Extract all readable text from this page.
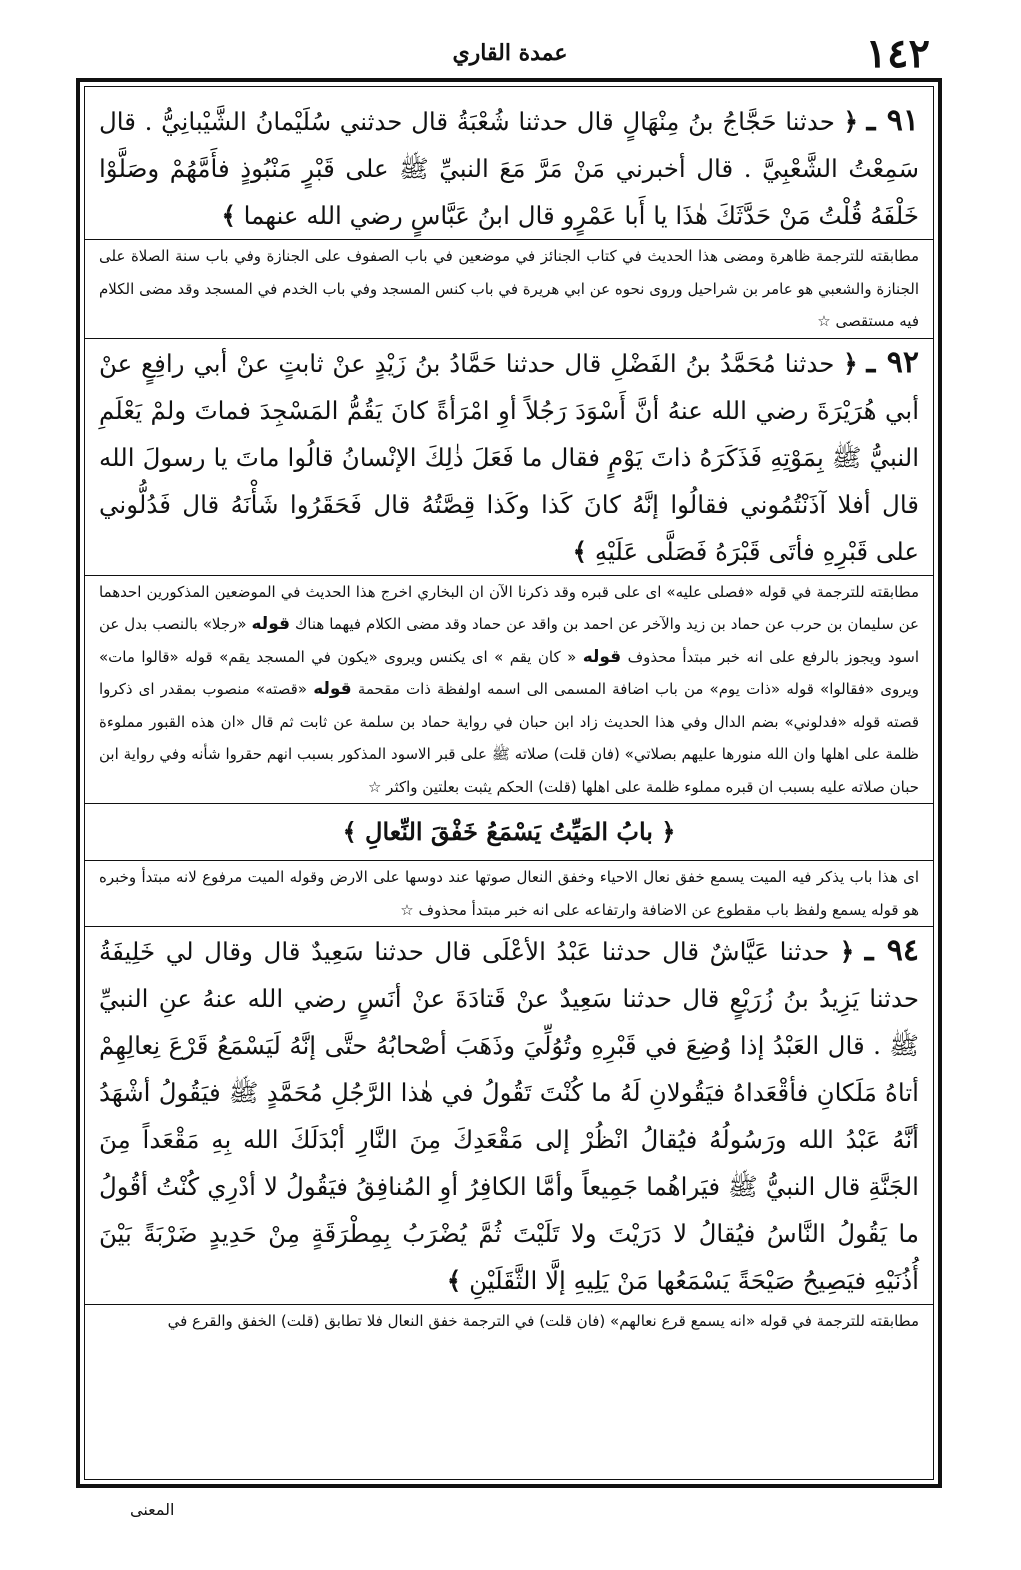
١٤٢
عمدة القاري

٩١ ـ ﴿ حدثنا حَجَّاجُ بنُ مِنْهَالٍ قال حدثنا شُعْبَةُ قال حدثني سُلَيْمانُ الشَّيْبانِيُّ . قال سَمِعْتُ الشَّعْبِيَّ . قال أخبرني مَنْ مَرَّ مَعَ النبيِّ ﷺ على قَبْرٍ مَنْبُوذٍ فأَمَّهُمْ وصَلَّوْا خَلْفَهُ قُلْتُ مَنْ حَدَّثَكَ هٰذَا يا أَبا عَمْرٍو قال ابنُ عَبَّاسٍ رضي الله عنهما ﴾

مطابقته للترجمة ظاهرة ومضى هذا الحديث في كتاب الجنائز في موضعين في باب الصفوف على الجنازة وفي باب سنة الصلاة على الجنازة والشعبي هو عامر بن شراحيل وروى نحوه عن ابي هريرة في باب كنس المسجد وفي باب الخدم في المسجد وقد مضى الكلام فيه مستقصى ☆

٩٢ ـ ﴿ حدثنا مُحَمَّدُ بنُ الفَضْلِ قال حدثنا حَمَّادُ بنُ زَيْدٍ عنْ ثابتٍ عنْ أبي رافِعٍ عنْ أبي هُرَيْرَةَ رضي الله عنهُ أنَّ أَسْوَدَ رَجُلاً أوِ امْرَأةً كانَ يَقُمُّ المَسْجِدَ فماتَ ولمْ يَعْلَمِ النبيُّ ﷺ بِمَوْتِهِ فَذَكَرَهُ ذاتَ يَوْمٍ فقال ما فَعَلَ ذٰلِكَ الإنْسانُ قالُوا ماتَ يا رسولَ الله قال أفلا آذَنْتُمُوني فقالُوا إنَّهُ كانَ كَذا وكَذا قِصَّتُهُ قال فَحَقَرُوا شَأْنَهُ قال فَدُلُّوني على قَبْرِهِ فأتَى قَبْرَهُ فَصَلَّى عَلَيْهِ ﴾

مطابقته للترجمة في قوله «فصلى عليه» اى على قبره وقد ذكرنا الآن ان البخاري اخرج هذا الحديث في الموضعين المذكورين احدهما عن سليمان بن حرب عن حماد بن زيد والآخر عن احمد بن واقد عن حماد وقد مضى الكلام فيهما هناك قوله «رجلا» بالنصب بدل عن اسود ويجوز بالرفع على انه خبر مبتدأ محذوف قوله « كان يقم » اى يكنس ويروى «يكون في المسجد يقم» قوله «قالوا مات» ويروى «فقالوا» قوله «ذات يوم» من باب اضافة المسمى الى اسمه اولفظة ذات مقحمة قوله «قصته» منصوب بمقدر اى ذكروا قصته قوله «فدلوني» بضم الدال وفي هذا الحديث زاد ابن حبان في رواية حماد بن سلمة عن ثابت ثم قال «ان هذه القبور مملوءة ظلمة على اهلها وان الله منورها عليهم بصلاتي» (فان قلت) صلاته ﷺ على قبر الاسود المذكور بسبب انهم حقروا شأنه وفي رواية ابن حبان صلاته عليه بسبب ان قبره مملوء ظلمة على اهلها (قلت) الحكم يثبت بعلتين واكثر ☆

﴿ بابُ المَيِّتُ يَسْمَعُ خَفْقَ النِّعالِ ﴾

اى هذا باب يذكر فيه الميت يسمع خفق نعال الاحياء وخفق النعال صوتها عند دوسها على الارض وقوله الميت مرفوع لانه مبتدأ وخبره هو قوله يسمع ولفظ باب مقطوع عن الاضافة وارتفاعه على انه خبر مبتدأ محذوف ☆

٩٤ ـ ﴿ حدثنا عَيَّاشٌ قال حدثنا عَبْدُ الأعْلَى قال حدثنا سَعِيدٌ قال وقال لي خَلِيفَةُ حدثنا يَزِيدُ بنُ زُرَيْعٍ قال حدثنا سَعِيدٌ عنْ قَتادَةَ عنْ أنَسٍ رضي الله عنهُ عنِ النبيِّ ﷺ . قال العَبْدُ إذا وُضِعَ في قَبْرِهِ وتُوُلِّيَ وذَهَبَ أصْحابُهُ حتَّى إنَّهُ لَيَسْمَعُ قَرْعَ نِعالِهِمْ أتاهُ مَلَكانِ فأقْعَداهُ فيَقُولانِ لَهُ ما كُنْتَ تَقُولُ في هٰذا الرَّجُلِ مُحَمَّدٍ ﷺ فيَقُولُ أشْهَدُ أنَّهُ عَبْدُ الله ورَسُولُهُ فيُقالُ انْظُرْ إلى مَقْعَدِكَ مِنَ النَّارِ أبْدَلَكَ الله بِهِ مَقْعَداً مِنَ الجَنَّةِ قال النبيُّ ﷺ فيَراهُما جَمِيعاً وأمَّا الكافِرُ أوِ المُنافِقُ فيَقُولُ لا أدْرِي كُنْتُ أقُولُ ما يَقُولُ النَّاسُ فيُقالُ لا دَرَيْتَ ولا تَلَيْتَ ثُمَّ يُضْرَبُ بِمِطْرَقَةٍ مِنْ حَدِيدٍ ضَرْبَةً بَيْنَ أُذُنَيْهِ فيَصِيحُ صَيْحَةً يَسْمَعُها مَنْ يَلِيهِ إلَّا الثَّقَلَيْنِ ﴾

مطابقته للترجمة في قوله «انه يسمع قرع نعالهم» (فان قلت) في الترجمة خفق النعال فلا تطابق (قلت) الخفق والقرع في

المعنى
